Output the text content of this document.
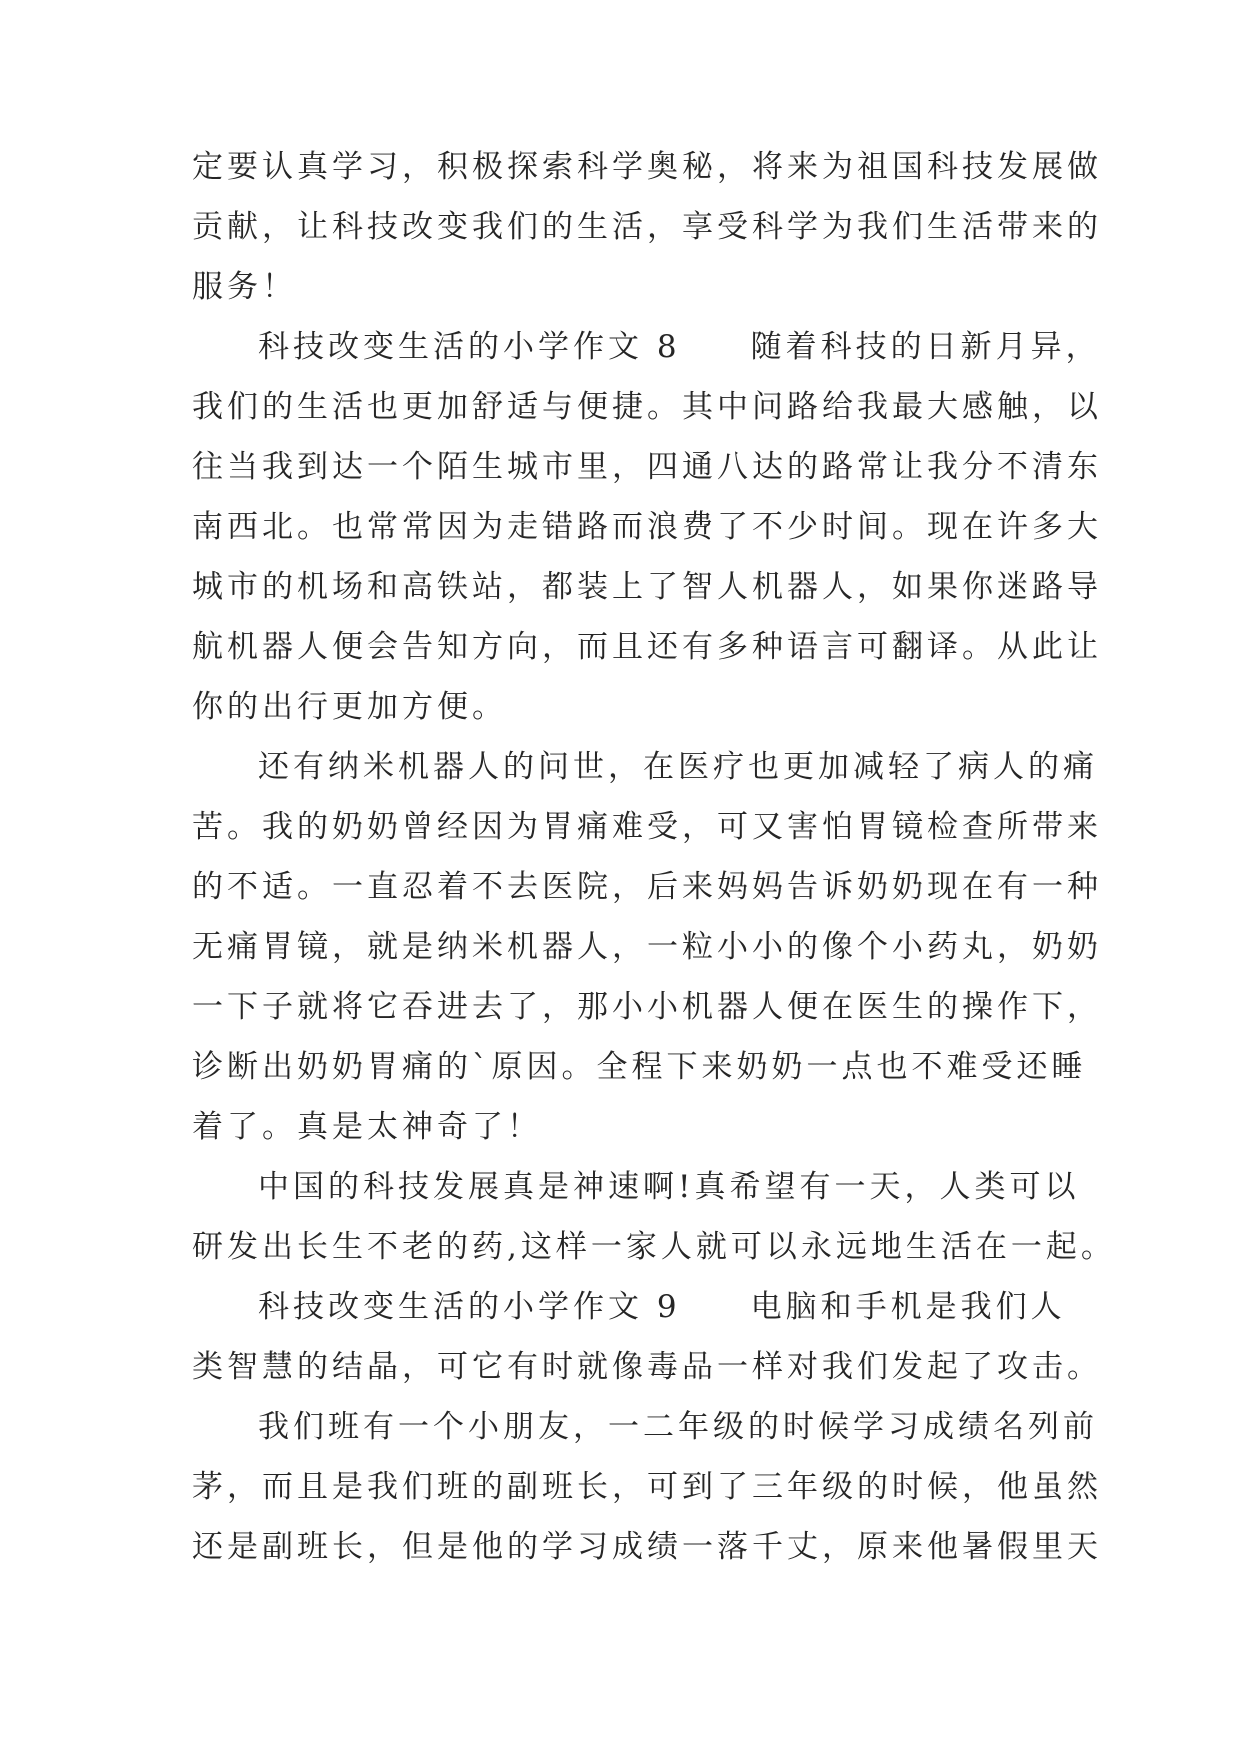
定要认真学习，积极探索科学奥秘，将来为祖国科技发展做
贡献，让科技改变我们的生活，享受科学为我们生活带来的
服务！
科技改变生活的小学作文 8　　随着科技的日新月异，
我们的生活也更加舒适与便捷。其中问路给我最大感触，以
往当我到达一个陌生城市里，四通八达的路常让我分不清东
南西北。也常常因为走错路而浪费了不少时间。现在许多大
城市的机场和高铁站，都装上了智人机器人，如果你迷路导
航机器人便会告知方向，而且还有多种语言可翻译。从此让
你的出行更加方便。
还有纳米机器人的问世，在医疗也更加减轻了病人的痛
苦。我的奶奶曾经因为胃痛难受，可又害怕胃镜检查所带来
的不适。一直忍着不去医院，后来妈妈告诉奶奶现在有一种
无痛胃镜，就是纳米机器人，一粒小小的像个小药丸，奶奶
一下子就将它吞进去了，那小小机器人便在医生的操作下，
诊断出奶奶胃痛的`原因。全程下来奶奶一点也不难受还睡
着了。真是太神奇了！
中国的科技发展真是神速啊!真希望有一天，人类可以
研发出长生不老的药,这样一家人就可以永远地生活在一起。
科技改变生活的小学作文 9　　电脑和手机是我们人
类智慧的结晶，可它有时就像毒品一样对我们发起了攻击。
我们班有一个小朋友，一二年级的时候学习成绩名列前
茅，而且是我们班的副班长，可到了三年级的时候，他虽然
还是副班长，但是他的学习成绩一落千丈，原来他暑假里天
